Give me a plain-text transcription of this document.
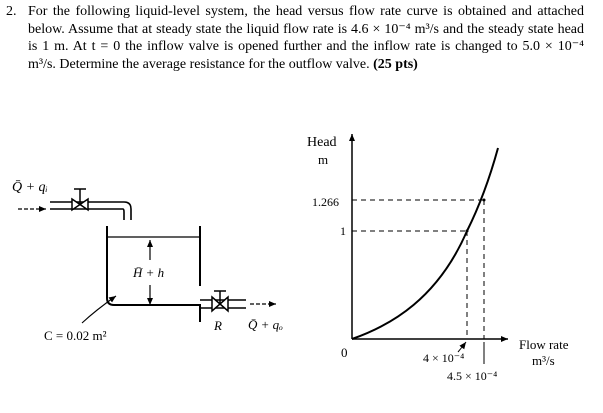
2. For the following liquid-level system, the head versus flow rate curve is obtained and attached below. Assume that at steady state the liquid flow rate is 4.6 × 10⁻⁴ m³/s and the steady state head is 1 m. At t = 0 the inflow valve is opened further and the inflow rate is changed to 5.0 × 10⁻⁴ m³/s. Determine the average resistance for the outflow valve. (25 pts)
Q̄ + qᵢ
H̄ + h
R Q̄ + qₒ
C = 0.02 m²
Head
m
Flow rate
m³/s
0
1
1.266
4 × 10⁻⁴
4.5 × 10⁻⁴
